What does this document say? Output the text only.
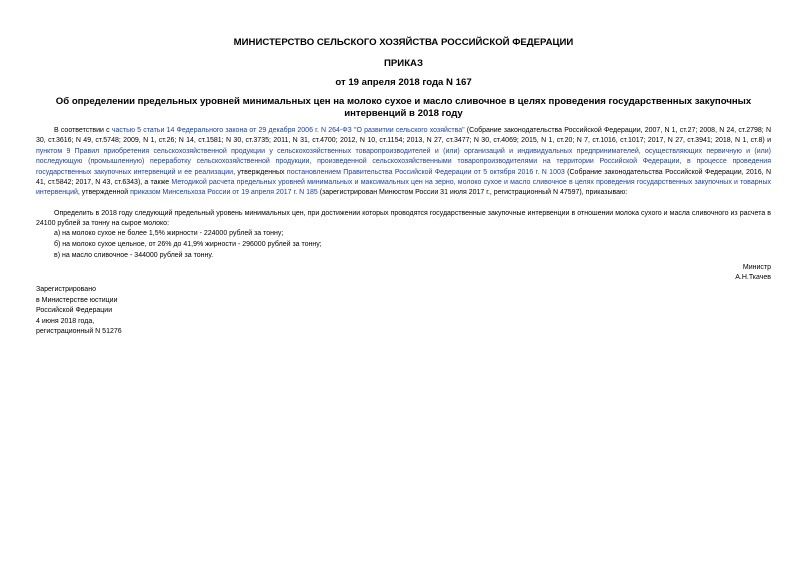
МИНИСТЕРСТВО СЕЛЬСКОГО ХОЗЯЙСТВА РОССИЙСКОЙ ФЕДЕРАЦИИ
ПРИКАЗ
от 19 апреля 2018 года N 167
Об определении предельных уровней минимальных цен на молоко сухое и масло сливочное в целях проведения государственных закупочных интервенций в 2018 году
В соответствии с частью 5 статьи 14 Федерального закона от 29 декабря 2006 г. N 264-ФЗ "О развитии сельского хозяйства" (Собрание законодательства Российской Федерации, 2007, N 1, ст.27; 2008, N 24, ст.2798; N 30, ст.3616; N 49, ст.5748; 2009, N 1, ст.26; N 14, ст.1581; N 30, ст.3735; 2011, N 31, ст.4700; 2012, N 10, ст.1154; 2013, N 27, ст.3477; N 30, ст.4069; 2015, N 1, ст.20; N 7, ст.1016, ст.1017; 2017, N 27, ст.3941; 2018, N 1, ст.8) и пунктом 9 Правил приобретения сельскохозяйственной продукции у сельскохозяйственных товаропроизводителей и (или) организаций и индивидуальных предпринимателей, осуществляющих первичную и (или) последующую (промышленную) переработку сельскохозяйственной продукции, произведенной сельскохозяйственными товаропроизводителями на территории Российской Федерации, в процессе проведения государственных закупочных интервенций и ее реализации, утвержденных постановлением Правительства Российской Федерации от 5 октября 2016 г. N 1003 (Собрание законодательства Российской Федерации, 2016, N 41, ст.5842; 2017, N 43, ст.6343), а также Методикой расчета предельных уровней минимальных и максимальных цен на зерно, молоко сухое и масло сливочное в целях проведения государственных закупочных и товарных интервенций, утвержденной приказом Минсельхоза России от 19 апреля 2017 г. N 185 (зарегистрирован Минюстом России 31 июля 2017 г., регистрационный N 47597), приказываю:
Определить в 2018 году следующий предельный уровень минимальных цен, при достижении которых проводятся государственные закупочные интервенции в отношении молока сухого и масла сливочного из расчета в 24100 рублей за тонну на сырое молоко:
а) на молоко сухое не более 1,5% жирности - 224000 рублей за тонну;
б) на молоко сухое цельное, от 26% до 41,9% жирности - 296000 рублей за тонну;
в) на масло сливочное - 344000 рублей за тонну.
Министр
А.Н.Ткачев
Зарегистрировано
в Министерстве юстиции
Российской Федерации
4 июня 2018 года,
регистрационный N 51276
